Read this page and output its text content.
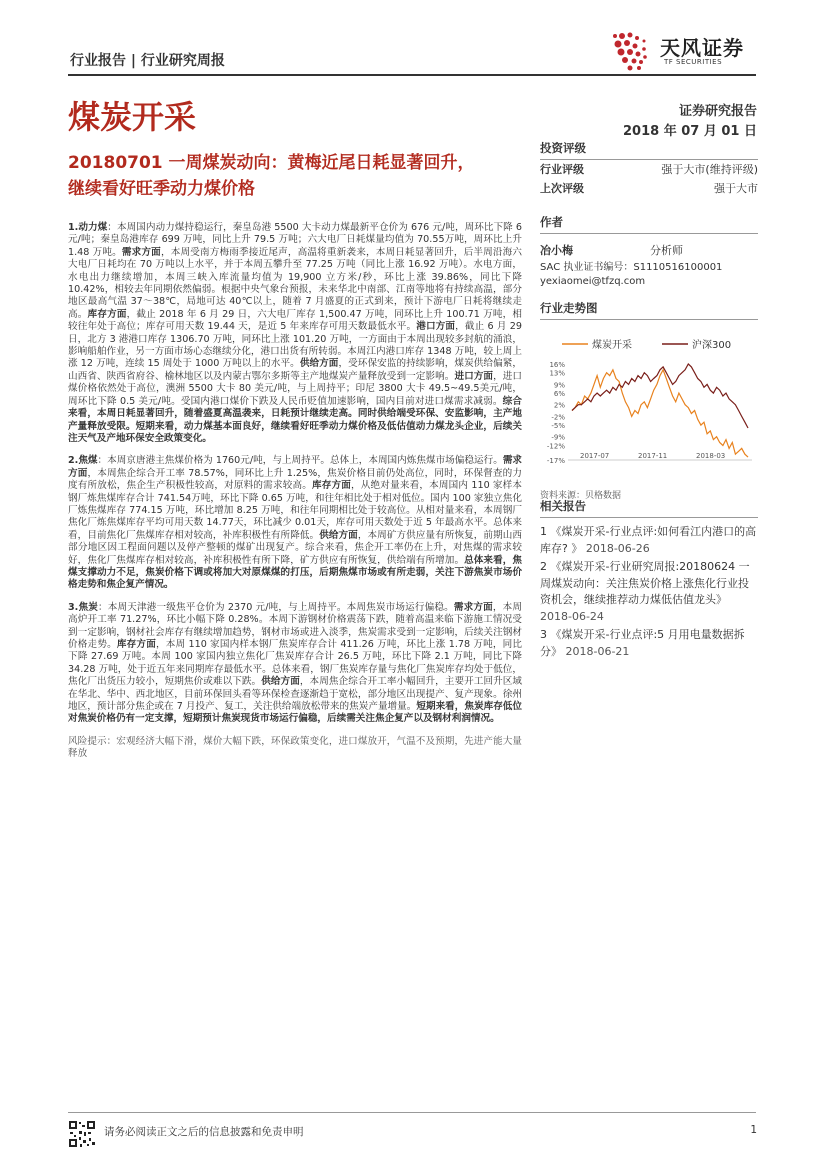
天风证券
TF SECURITIES
行业报告 | 行业研究周报
煤炭开采	证券研究报告
2018 年 07 月 01 日
20180701 一周煤炭动向：黄梅近尾日耗显著回升，
继续看好旺季动力煤价格

1.动力煤：本周国内动力煤持稳运行，秦皇岛港 5500 大卡动力煤最新平仓价为 676 元/吨，周环比下降 6 元/吨；秦皇岛港库存 699 万吨，同比上升 79.5 万吨；六大电厂日耗煤量均值为 70.55万吨，周环比上升 1.48 万吨。需求方面，本周受南方梅雨季接近尾声，高温将重新袭来，本周日耗显著回升，后半周沿海六大电厂日耗均在 70 万吨以上水平，并于本周五攀升至 77.25 万吨（同比上涨 16.92 万吨）。水电方面，水电出力继续增加，本周三峡入库流量均值为 19,900 立方米/秒，环比上涨 39.86%，同比下降 10.42%，相较去年同期依然偏弱。根据中央气象台预报，未来华北中南部、江南等地将有持续高温，部分地区最高气温 37～38℃，局地可达 40℃以上，随着 7 月盛夏的正式到来，预计下游电厂日耗将继续走高。库存方面，截止 2018 年 6 月 29 日，六大电厂库存 1,500.47 万吨，同环比上升 100.71 万吨，相较往年处于高位；库存可用天数 19.44 天，是近 5 年来库存可用天数最低水平。港口方面，截止 6 月 29 日，北方 3 港港口库存 1306.70 万吨，同环比上涨 101.20 万吨，一方面由于本周出现较多封航的涌浪，影响船舶作业，另一方面市场心态继续分化，港口出货有所转弱。本周江内港口库存 1348 万吨，较上周上涨 12 万吨，连续 15 周处于 1000 万吨以上的水平。供给方面，受环保安监的持续影响，煤炭供给偏紧，山西省、陕西省府谷、榆林地区以及内蒙古鄂尔多斯等主产地煤炭产量释放受到一定影响。进口方面，进口煤价格依然处于高位，澳洲 5500 大卡 80 美元/吨，与上周持平；印尼 3800 大卡 49.5~49.5美元/吨，周环比下降 0.5 美元/吨。受国内港口煤价下跌及人民币贬值加速影响，国内目前对进口煤需求减弱。综合来看，本周日耗显著回升，随着盛夏高温袭来，日耗预计继续走高。同时供给端受环保、安监影响，主产地产量释放受限。短期来看，动力煤基本面良好，继续看好旺季动力煤价格及低估值动力煤龙头企业，后续关注天气及产地环保安全政策变化。

2.焦煤：本周京唐港主焦煤价格为 1760元/吨，与上周持平。总体上，本周国内炼焦煤市场偏稳运行。需求方面，本周焦企综合开工率 78.57%，同环比上升 1.25%，焦炭价格目前仍处高位，同时，环保督查的力度有所放松，焦企生产积极性较高，对原料的需求较高。库存方面，从绝对量来看，本周国内 110 家样本钢厂炼焦煤库存合计 741.54万吨，环比下降 0.65 万吨，和往年相比处于相对低位。国内 100 家独立焦化厂炼焦煤库存 774.15 万吨，环比增加 8.25 万吨，和往年同期相比处于较高位。从相对量来看，本周钢厂焦化厂炼焦煤库存平均可用天数 14.77天，环比减少 0.01天，库存可用天数处于近 5 年最高水平。总体来看，目前焦化厂焦煤库存相对较高，补库积极性有所降低。供给方面，本周矿方供应量有所恢复，前期山西部分地区因工程面问题以及停产整顿的煤矿出现复产。综合来看，焦企开工率仍在上升，对焦煤的需求较好，焦化厂焦煤库存相对较高，补库积极性有所下降，矿方供应有所恢复，供给端有所增加。总体来看，焦煤支撑动力不足，焦炭价格下调或将加大对原煤煤的打压，后期焦煤市场或有所走弱，关注下游焦炭市场价格走势和焦企复产情况。

3.焦炭：本周天津港一级焦平仓价为 2370 元/吨，与上周持平。本周焦炭市场运行偏稳。需求方面，本周高炉开工率 71.27%，环比小幅下降 0.28%。本周下游钢材价格震荡下跌，随着高温来临下游施工情况受到一定影响，钢材社会库存有继续增加趋势，钢材市场或进入淡季，焦炭需求受到一定影响，后续关注钢材价格走势。库存方面，本周 110 家国内样本钢厂焦炭库存合计 411.26 万吨，环比上涨 1.78 万吨，同比下降 27.69 万吨。本周 100 家国内独立焦化厂焦炭库存合计 26.5 万吨，环比下降 2.1 万吨，同比下降 34.28 万吨，处于近五年来同期库存最低水平。总体来看，钢厂焦炭库存量与焦化厂焦炭库存均处于低位，焦化厂出货压力较小，短期焦价或难以下跌。供给方面，本周焦企综合开工率小幅回升，主要开工回升区域在华北、华中、西北地区，目前环保回头看等环保检查逐渐趋于宽松，部分地区出现提产、复产现象。徐州地区，预计部分焦企或在 7 月投产、复工，关注供给端放松带来的焦炭产量增量。短期来看，焦炭库存低位对焦炭价格仍有一定支撑，短期预计焦炭现货市场运行偏稳，后续需关注焦企复产以及钢材利润情况。

风险提示：宏观经济大幅下滑，煤价大幅下跌，环保政策变化，进口煤放开，气温不及预期，先进产能大量释放

投资评级
行业评级	强于大市(维持评级)
上次评级	强于大市
作者
冶小梅	分析师
SAC 执业证书编号：S1110516100001
yexiaomei@tfzq.com
行业走势图
煤炭开采	沪深300
16%
13%
9%
6%
2%
-2%
-5%
-9%
-12%
-17%
2017-07	2017-11	2018-03
资料来源：贝格数据
相关报告
1 《煤炭开采-行业点评:如何看江内港口的高库存? 》 2018-06-26
2 《煤炭开采-行业研究周报:20180624 一周煤炭动向：关注焦炭价格上涨焦化行业投资机会，继续推荐动力煤低估值龙头》 2018-06-24
3 《煤炭开采-行业点评:5 月用电量数据拆分》 2018-06-21
请务必阅读正文之后的信息披露和免责申明	1
